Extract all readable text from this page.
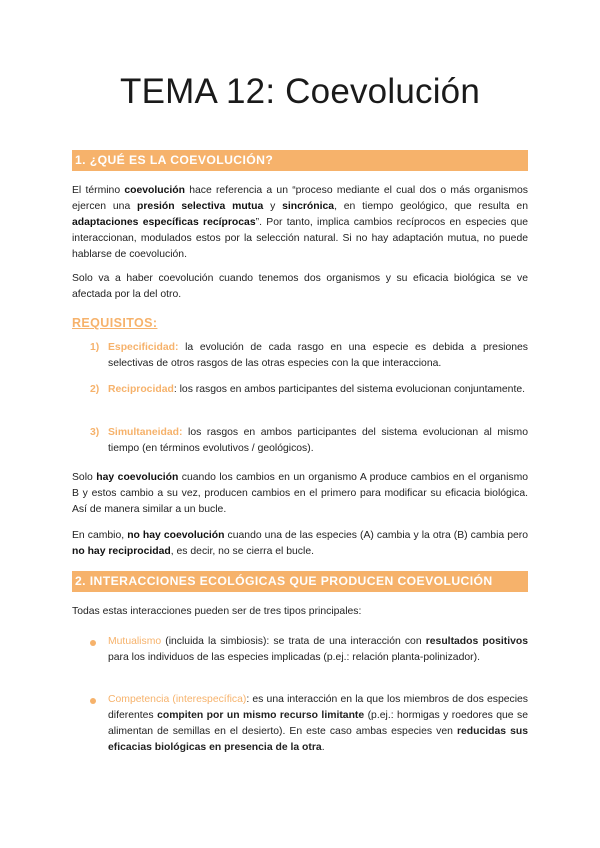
TEMA 12: Coevolución
1. ¿QUÉ ES LA COEVOLUCIÓN?

El término coevolución hace referencia a un “proceso mediante el cual dos o más organismos ejercen una presión selectiva mutua y sincrónica, en tiempo geológico, que resulta en adaptaciones específicas recíprocas”. Por tanto, implica cambios recíprocos en especies que interaccionan, modulados estos por la selección natural. Si no hay adaptación mutua, no puede hablarse de coevolución.

Solo va a haber coevolución cuando tenemos dos organismos y su eficacia biológica se ve afectada por la del otro.

REQUISITOS:
1) Especificidad: la evolución de cada rasgo en una especie es debida a presiones selectivas de otros rasgos de las otras especies con la que interacciona.

2) Reciprocidad: los rasgos en ambos participantes del sistema evolucionan conjuntamente.

3) Simultaneidad: los rasgos en ambos participantes del sistema evolucionan al mismo tiempo (en términos evolutivos / geológicos).

Solo hay coevolución cuando los cambios en un organismo A produce cambios en el organismo B y estos cambio a su vez, producen cambios en el primero para modificar su eficacia biológica. Así de manera similar a un bucle.

En cambio, no hay coevolución cuando una de las especies (A) cambia y la otra (B) cambia pero no hay reciprocidad, es decir, no se cierra el bucle.

2. INTERACCIONES ECOLÓGICAS QUE PRODUCEN COEVOLUCIÓN

Todas estas interacciones pueden ser de tres tipos principales:

Mutualismo (incluida la simbiosis): se trata de una interacción con resultados positivos para los individuos de las especies implicadas (p.ej.: relación planta-polinizador).

Competencia (interespecífica): es una interacción en la que los miembros de dos especies diferentes compiten por un mismo recurso limitante (p.ej.: hormigas y roedores que se alimentan de semillas en el desierto). En este caso ambas especies ven reducidas sus eficacias biológicas en presencia de la otra.
